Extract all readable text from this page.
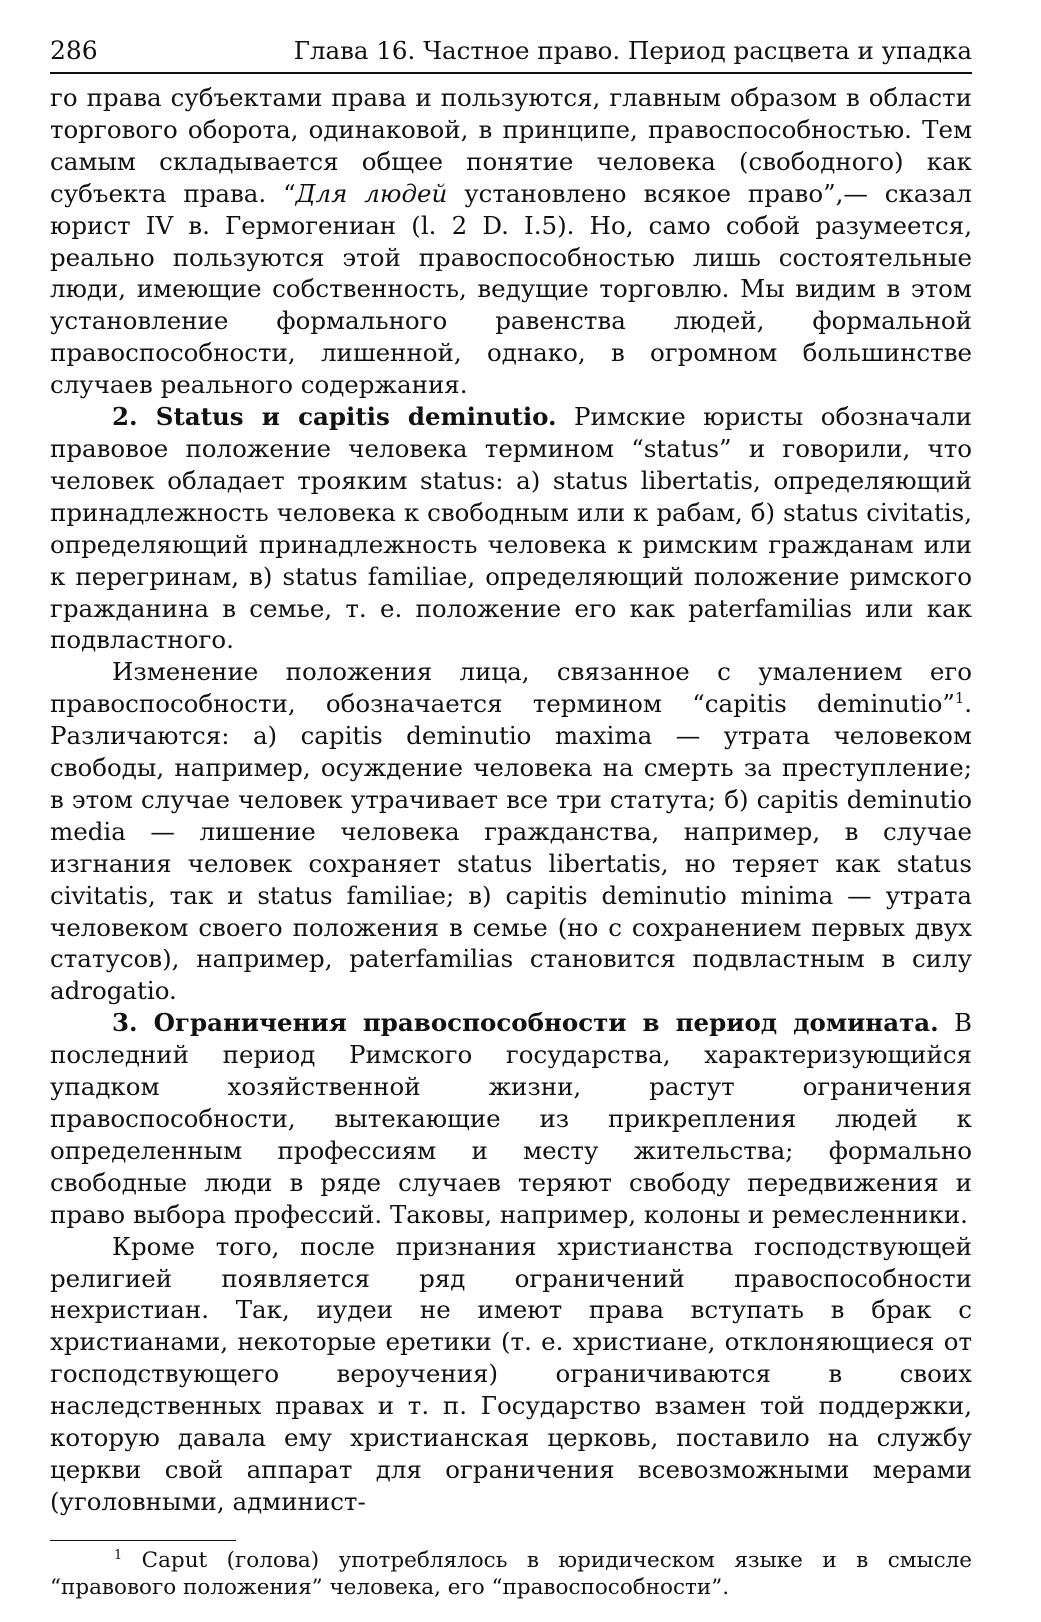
286	Глава 16. Частное право. Период расцвета и упадка

го права субъектами права и пользуются, главным образом в области торгового оборота, одинаковой, в принципе, правоспособностью. Тем самым складывается общее понятие человека (свободного) как субъекта права. “Для людей установлено всякое право”,— сказал юрист IV в. Гермогениан (l. 2 D. I.5). Но, само собой разумеется, реально пользуются этой правоспособностью лишь состоятельные люди, имеющие собственность, ведущие торговлю. Мы видим в этом установление формального равенства людей, формальной правоспособности, лишенной, однако, в огромном большинстве случаев реального содержания.

2. Status и capitis deminutio. Римские юристы обозначали правовое положение человека термином “status” и говорили, что человек обладает трояким status: а) status libertatis, определяющий принадлежность человека к свободным или к рабам, б) status civitatis, определяющий принадлежность человека к римским гражданам или к перегринам, в) status familiae, определяющий положение римского гражданина в семье, т. е. положение его как paterfamilias или как подвластного.

Изменение положения лица, связанное с умалением его правоспособности, обозначается термином “capitis deminutio”$^1$. Различаются: а) capitis deminutio maxima — утрата человеком свободы, например, осуждение человека на смерть за преступление; в этом случае человек утрачивает все три статута; б) capitis deminutio media — лишение человека гражданства, например, в случае изгнания человек сохраняет status libertatis, но теряет как status civitatis, так и status familiae; в) capitis deminutio minima — утрата человеком своего положения в семье (но с сохранением первых двух статусов), например, paterfamilias становится подвластным в силу adrogatio.

3. Ограничения правоспособности в период домината. В последний период Римского государства, характеризующийся упадком хозяйственной жизни, растут ограничения правоспособности, вытекающие из прикрепления людей к определенным профессиям и месту жительства; формально свободные люди в ряде случаев теряют свободу передвижения и право выбора профессий. Таковы, например, колоны и ремесленники.

Кроме того, после признания христианства господствующей религией появляется ряд ограничений правоспособности нехристиан. Так, иудеи не имеют права вступать в брак с христианами, некоторые еретики (т. е. христиане, отклоняющиеся от господствующего вероучения) ограничиваются в своих наследственных правах и т. п. Государство взамен той поддержки, которую давала ему христианская церковь, поставило на службу церкви свой аппарат для ограничения всевозможными мерами (уголовными, админист-

$^1$ Caput (голова) употреблялось в юридическом языке и в смысле “правового положения” человека, его “правоспособности”.
